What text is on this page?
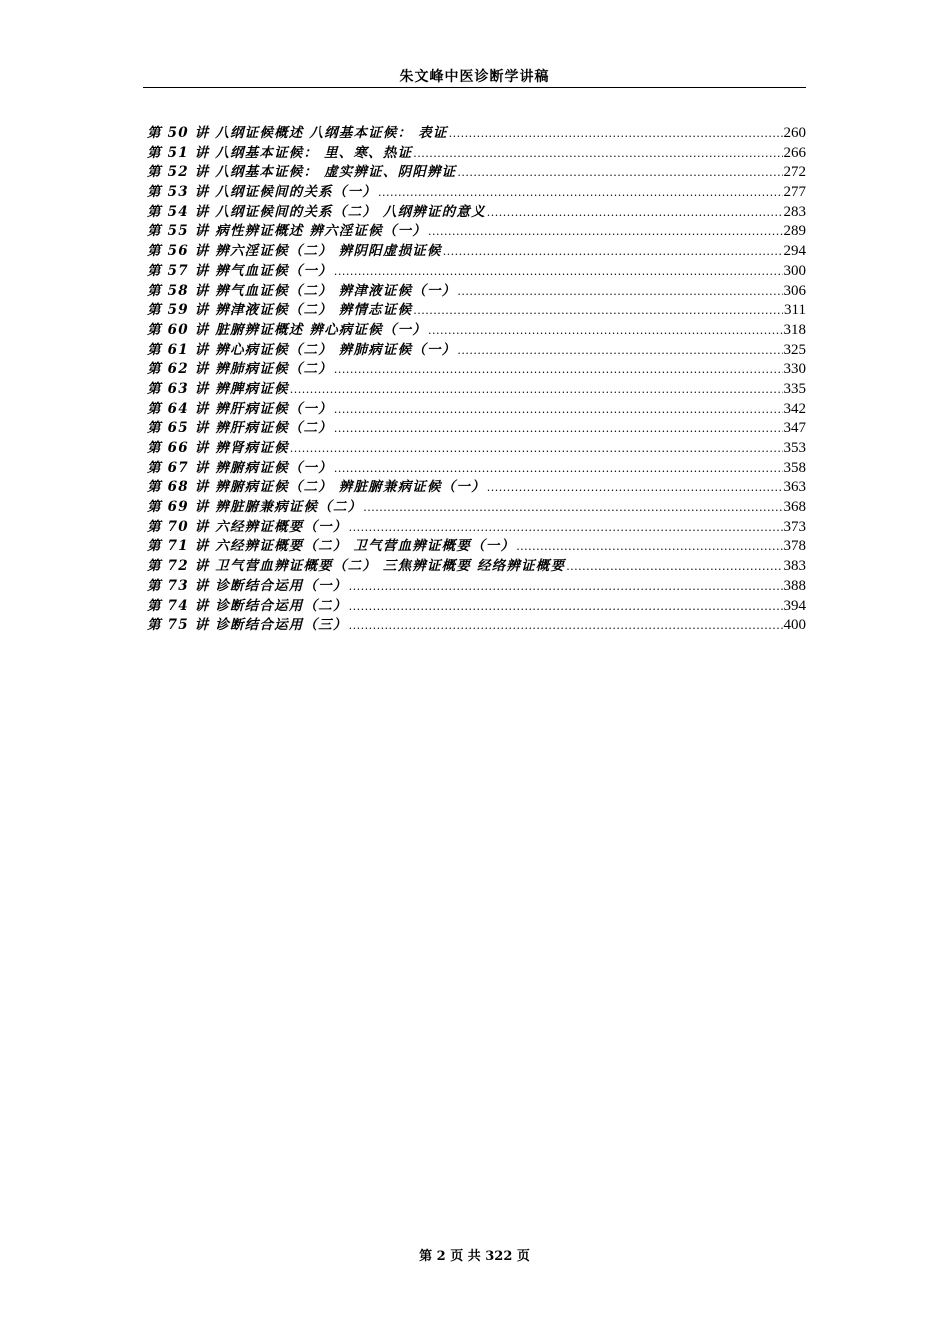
朱文峰中医诊断学讲稿
第 50 讲 八纲证候概述 八纲基本证候： 表证 .....	260
第 51 讲 八纲基本证候： 里、寒、热证 .....	266
第 52 讲 八纲基本证候： 虚实辨证、阴阳辨证 .....	272
第 53 讲 八纲证候间的关系（一） .....	277
第 54 讲 八纲证候间的关系（二） 八纲辨证的意义 .....	283
第 55 讲 病性辨证概述 辨六淫证候（一） .....	289
第 56 讲 辨六淫证候（二） 辨阴阳虚损证候 .....	294
第 57 讲 辨气血证候（一） .....	300
第 58 讲 辨气血证候（二） 辨津液证候（一） .....	306
第 59 讲 辨津液证候（二） 辨情志证候 .....	311
第 60 讲 脏腑辨证概述 辨心病证候（一） .....	318
第 61 讲 辨心病证候（二） 辨肺病证候（一） .....	325
第 62 讲 辨肺病证候（二） .....	330
第 63 讲 辨脾病证候 .....	335
第 64 讲 辨肝病证候（一） .....	342
第 65 讲 辨肝病证候（二） .....	347
第 66 讲 辨肾病证候 .....	353
第 67 讲 辨腑病证候（一） .....	358
第 68 讲 辨腑病证候（二） 辨脏腑兼病证候（一） .....	363
第 69 讲 辨脏腑兼病证候（二） .....	368
第 70 讲 六经辨证概要（一） .....	373
第 71 讲 六经辨证概要（二） 卫气营血辨证概要（一） .....	378
第 72 讲 卫气营血辨证概要（二） 三焦辨证概要 经络辨证概要 .....	383
第 73 讲 诊断结合运用（一） .....	388
第 74 讲 诊断结合运用（二） .....	394
第 75 讲 诊断结合运用（三） .....	400
第 2 页 共 322 页
